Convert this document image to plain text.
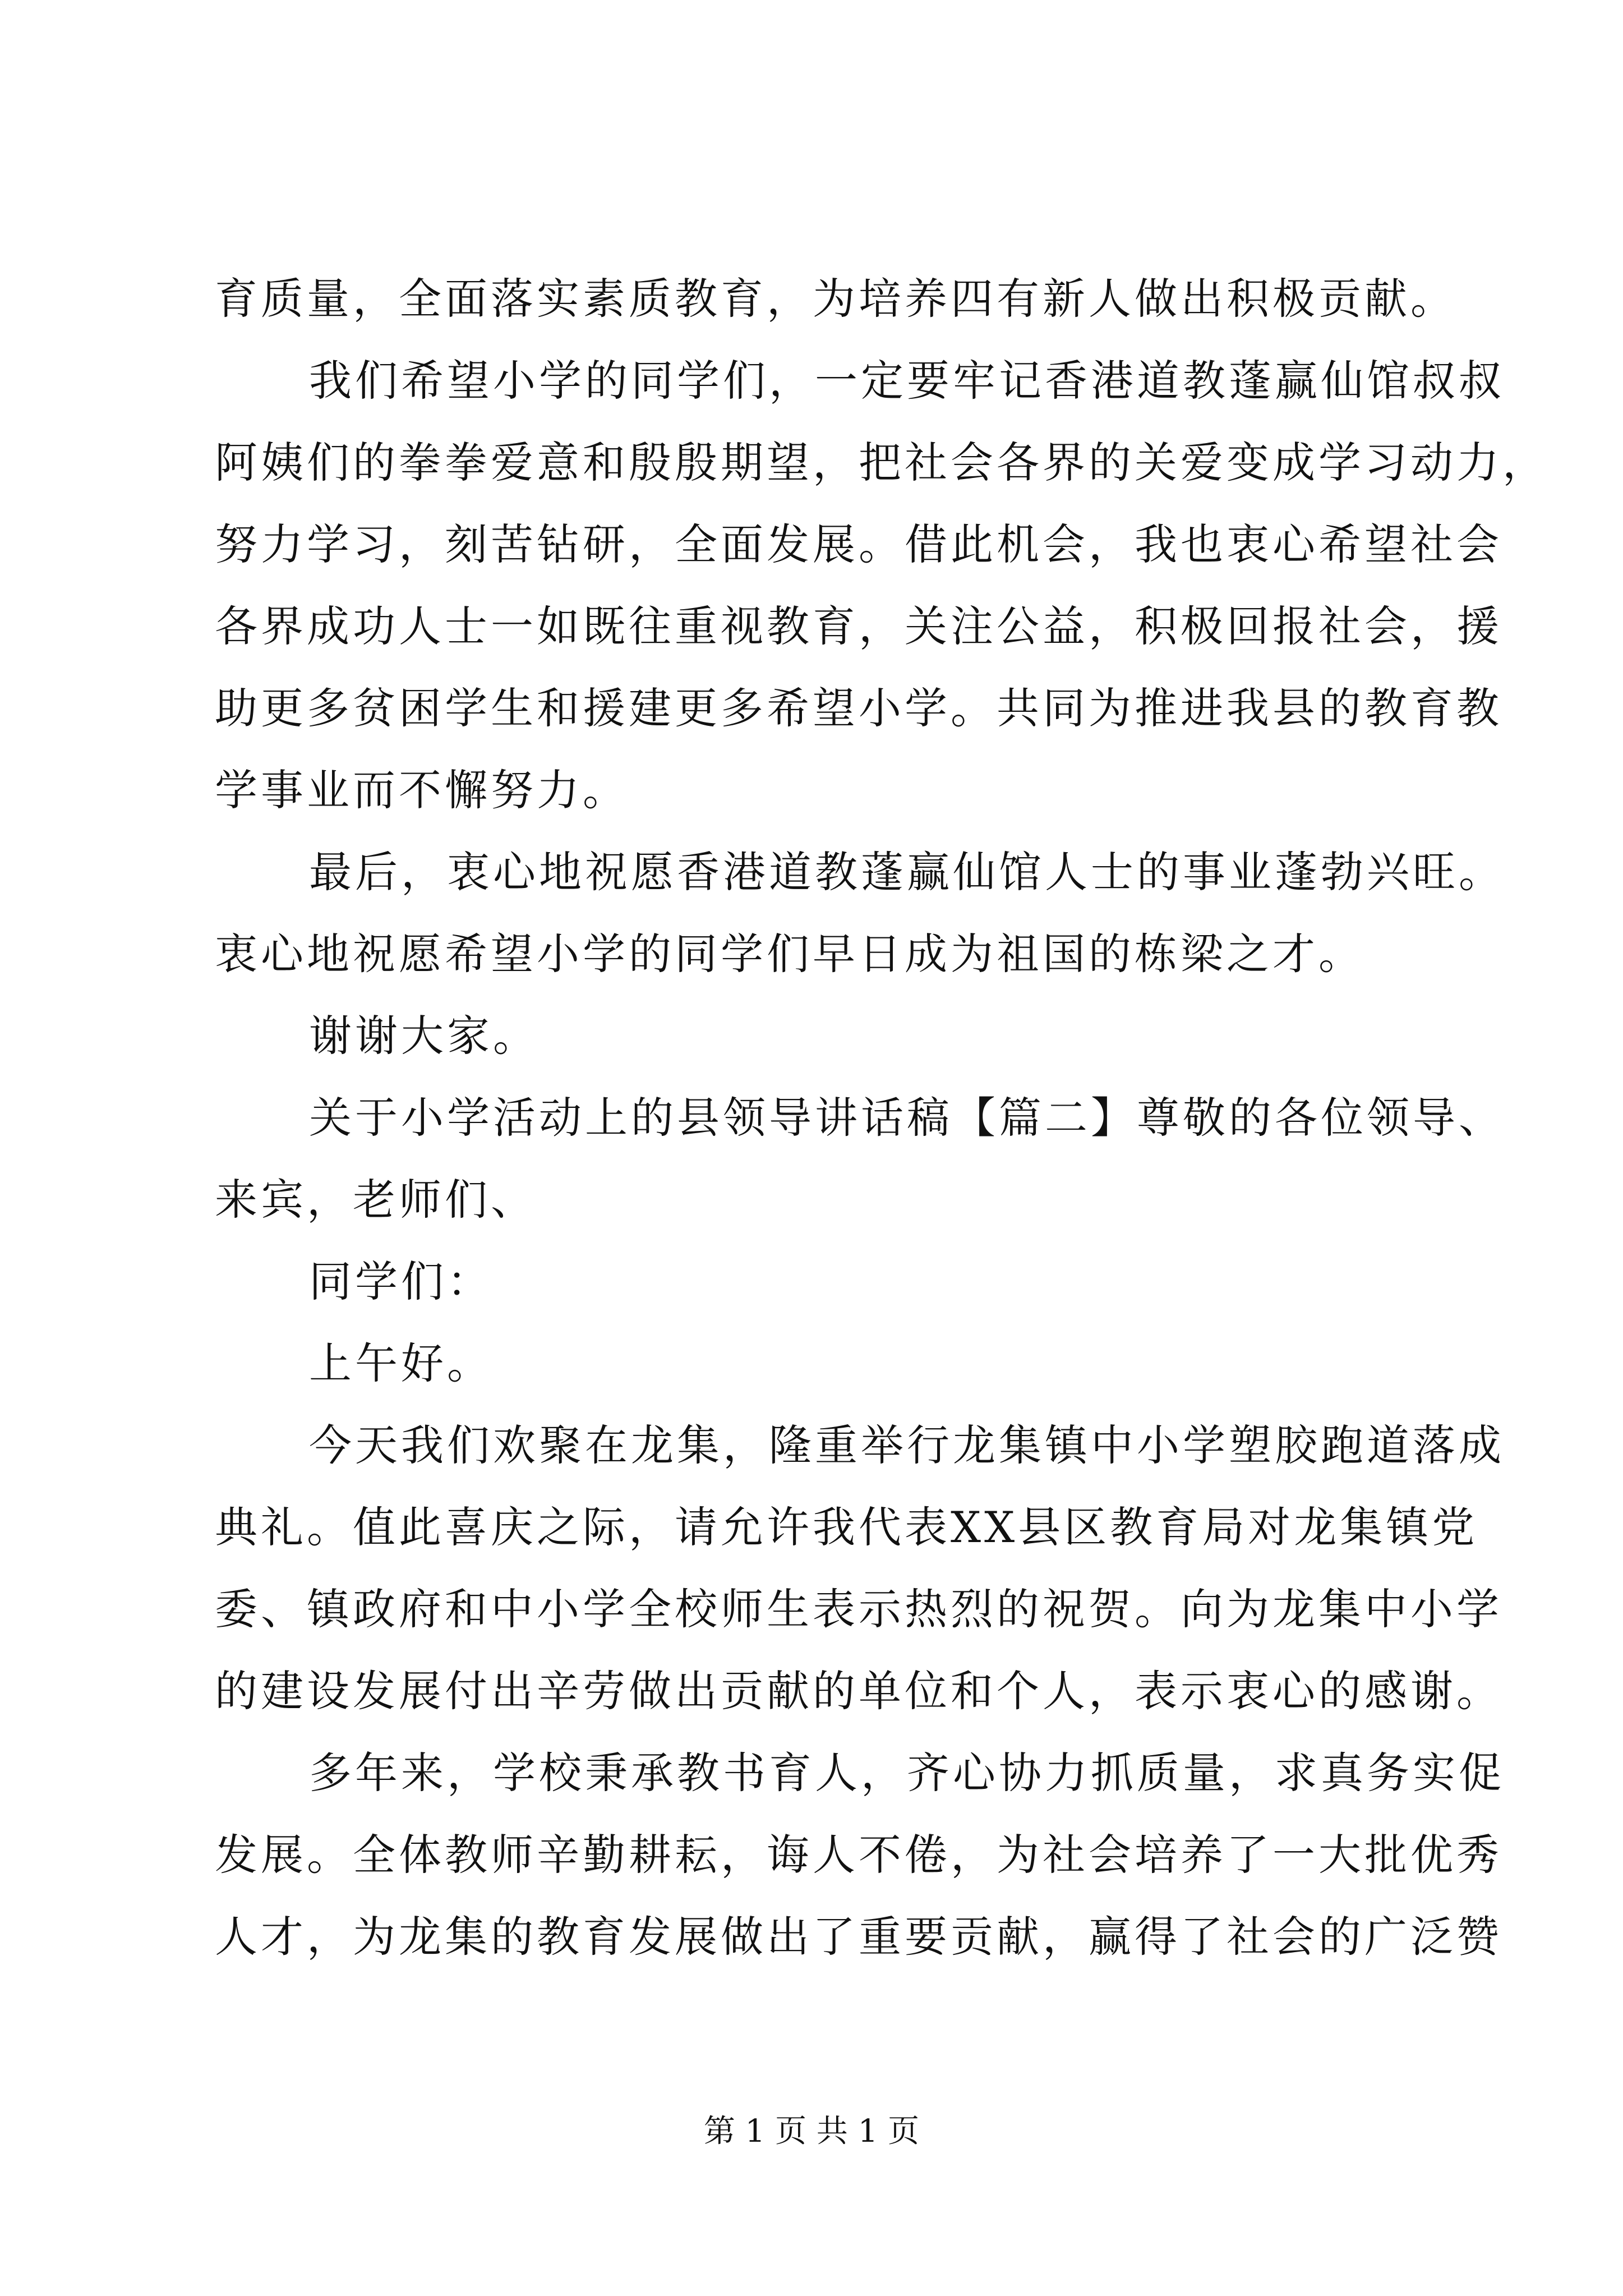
育质量，全面落实素质教育，为培养四有新人做出积极贡献。
我们希望小学的同学们，一定要牢记香港道教蓬赢仙馆叔叔
阿姨们的拳拳爱意和殷殷期望，把社会各界的关爱变成学习动力，
努力学习，刻苦钻研，全面发展。借此机会，我也衷心希望社会
各界成功人士一如既往重视教育，关注公益，积极回报社会，援
助更多贫困学生和援建更多希望小学。共同为推进我县的教育教
学事业而不懈努力。
最后，衷心地祝愿香港道教蓬赢仙馆人士的事业蓬勃兴旺。
衷心地祝愿希望小学的同学们早日成为祖国的栋梁之才。
谢谢大家。
关于小学活动上的县领导讲话稿【篇二】尊敬的各位领导、
来宾，老师们、
同学们：
上午好。
今天我们欢聚在龙集，隆重举行龙集镇中小学塑胶跑道落成
典礼。值此喜庆之际，请允许我代表XX县区教育局对龙集镇党
委、镇政府和中小学全校师生表示热烈的祝贺。向为龙集中小学
的建设发展付出辛劳做出贡献的单位和个人，表示衷心的感谢。
多年来，学校秉承教书育人，齐心协力抓质量，求真务实促
发展。全体教师辛勤耕耘，诲人不倦，为社会培养了一大批优秀
人才，为龙集的教育发展做出了重要贡献，赢得了社会的广泛赞
第 1 页 共 1 页
